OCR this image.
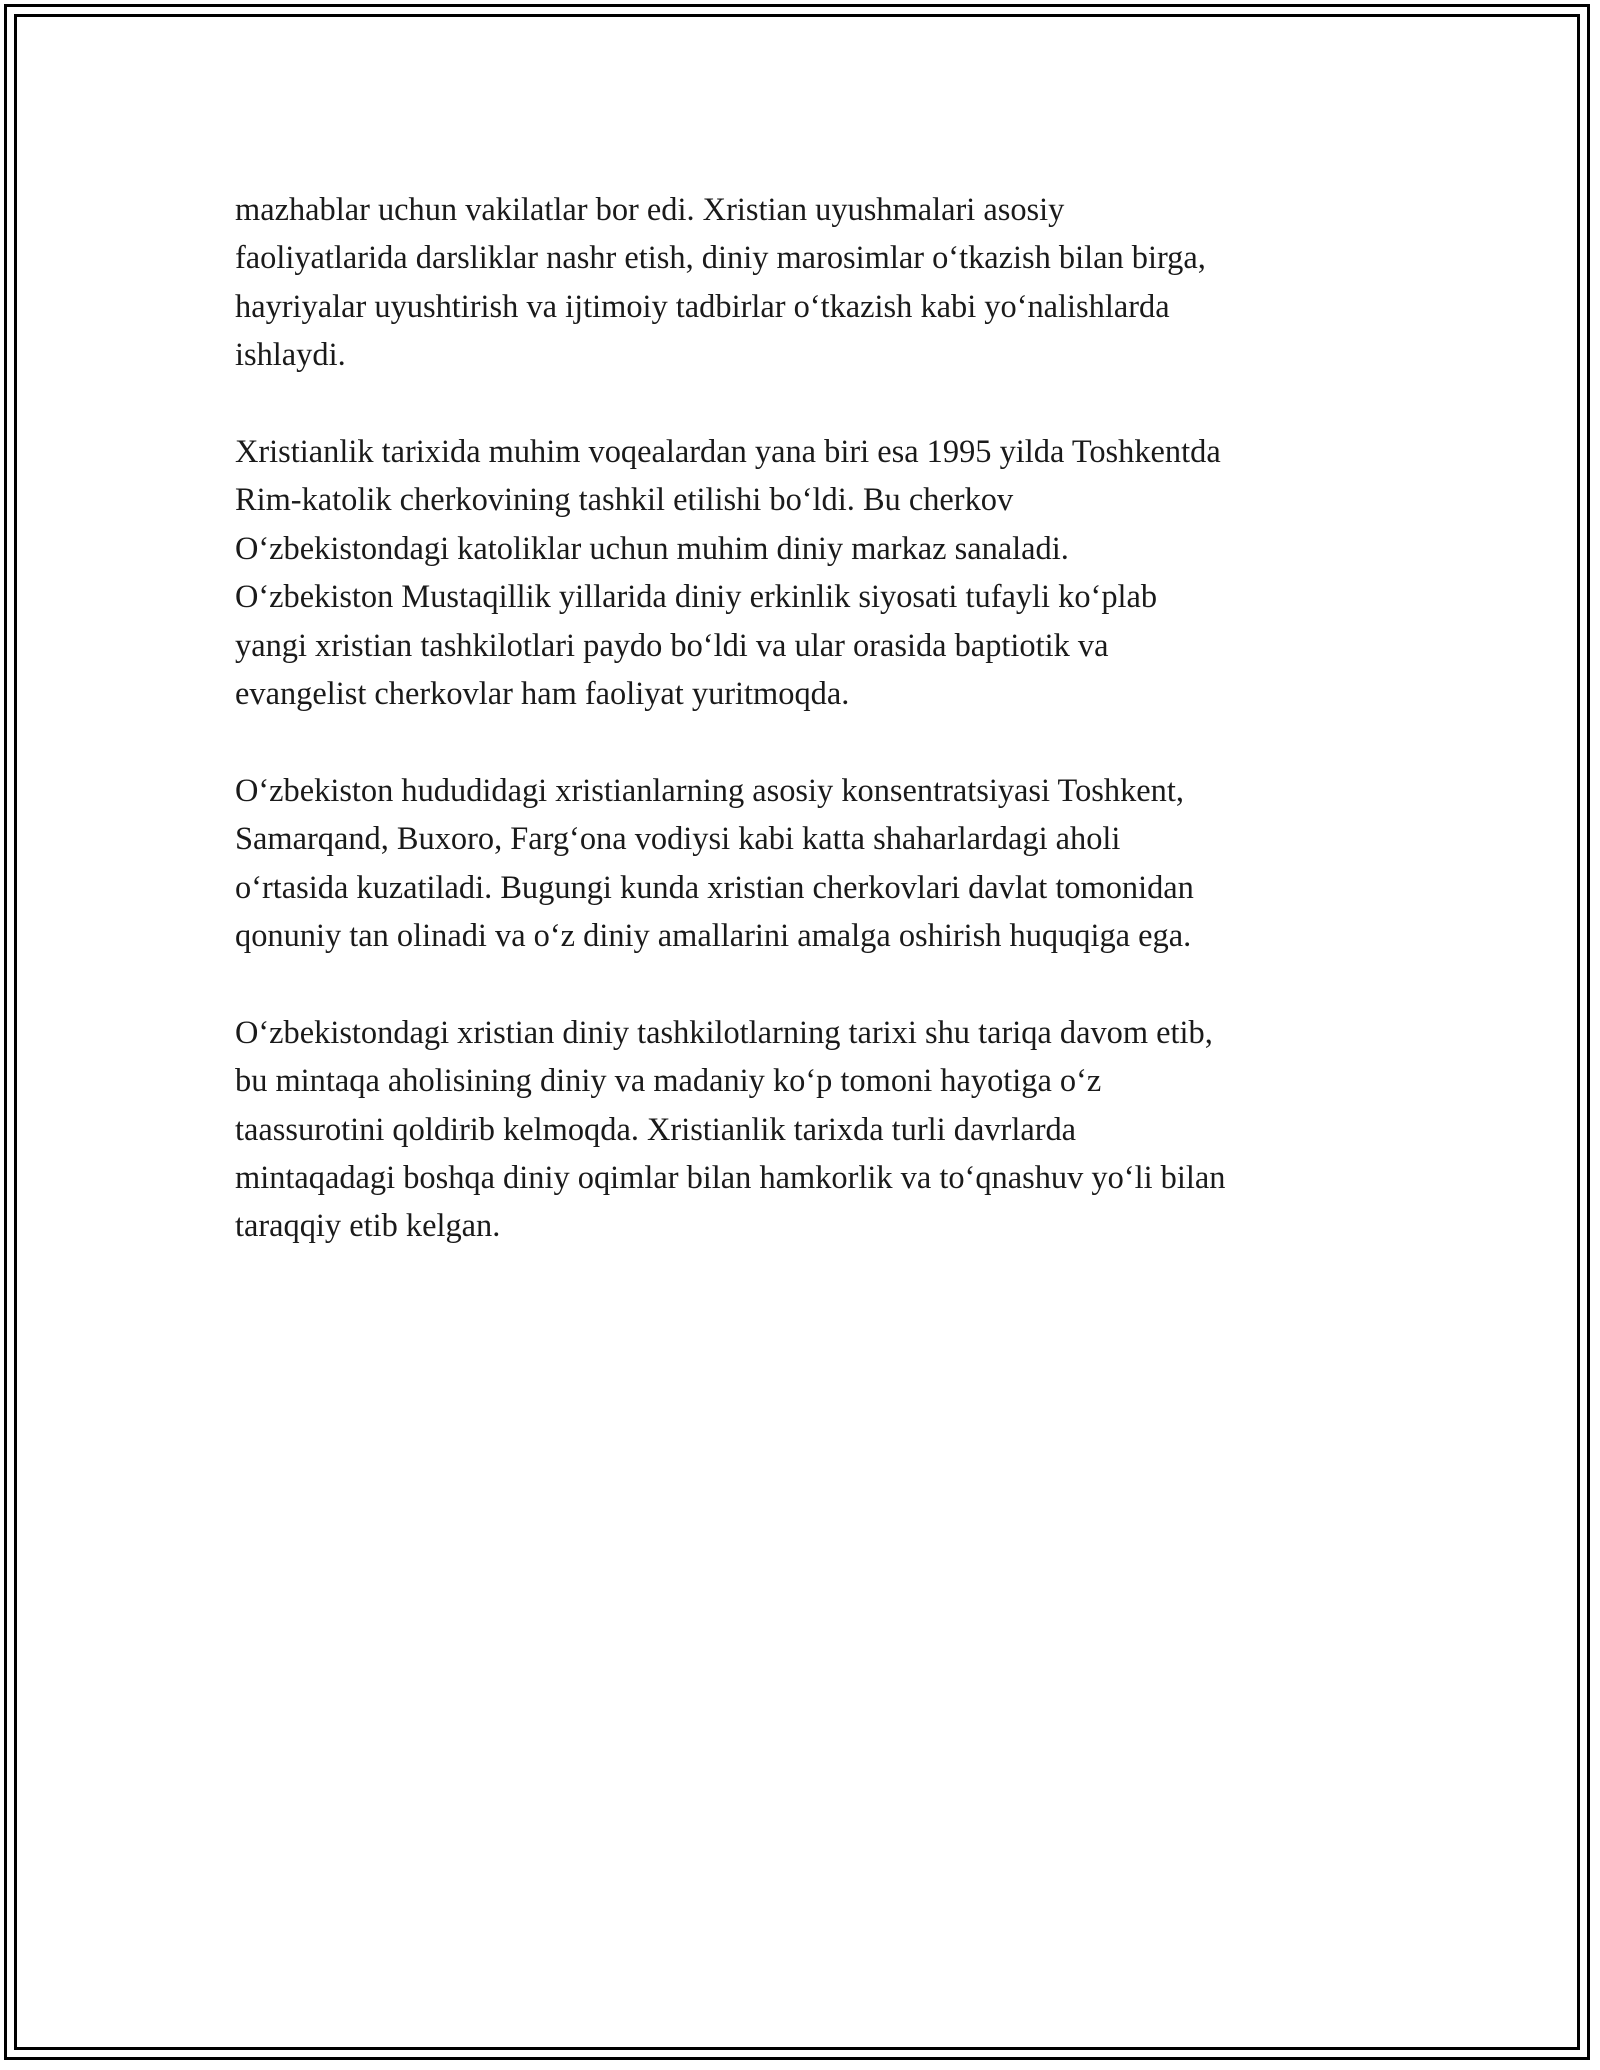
mazhablar uchun vakilatlar bor edi. Xristian uyushmalari asosiy
faoliyatlarida darsliklar nashr etish, diniy marosimlar o‘tkazish bilan birga,
hayriyalar uyushtirish va ijtimoiy tadbirlar o‘tkazish kabi yo‘nalishlarda
ishlaydi.

Xristianlik tarixida muhim voqealardan yana biri esa 1995 yilda Toshkentda
Rim-katolik cherkovining tashkil etilishi bo‘ldi. Bu cherkov
O‘zbekistondagi katoliklar uchun muhim diniy markaz sanaladi.
O‘zbekiston Mustaqillik yillarida diniy erkinlik siyosati tufayli ko‘plab
yangi xristian tashkilotlari paydo bo‘ldi va ular orasida baptiotik va
evangelist cherkovlar ham faoliyat yuritmoqda.

O‘zbekiston hududidagi xristianlarning asosiy konsentratsiyasi Toshkent,
Samarqand, Buxoro, Farg‘ona vodiysi kabi katta shaharlardagi aholi
o‘rtasida kuzatiladi. Bugungi kunda xristian cherkovlari davlat tomonidan
qonuniy tan olinadi va o‘z diniy amallarini amalga oshirish huquqiga ega.

O‘zbekistondagi xristian diniy tashkilotlarning tarixi shu tariqa davom etib,
bu mintaqa aholisining diniy va madaniy ko‘p tomoni hayotiga o‘z
taassurotini qoldirib kelmoqda. Xristianlik tarixda turli davrlarda
mintaqadagi boshqa diniy oqimlar bilan hamkorlik va to‘qnashuv yo‘li bilan
taraqqiy etib kelgan.
